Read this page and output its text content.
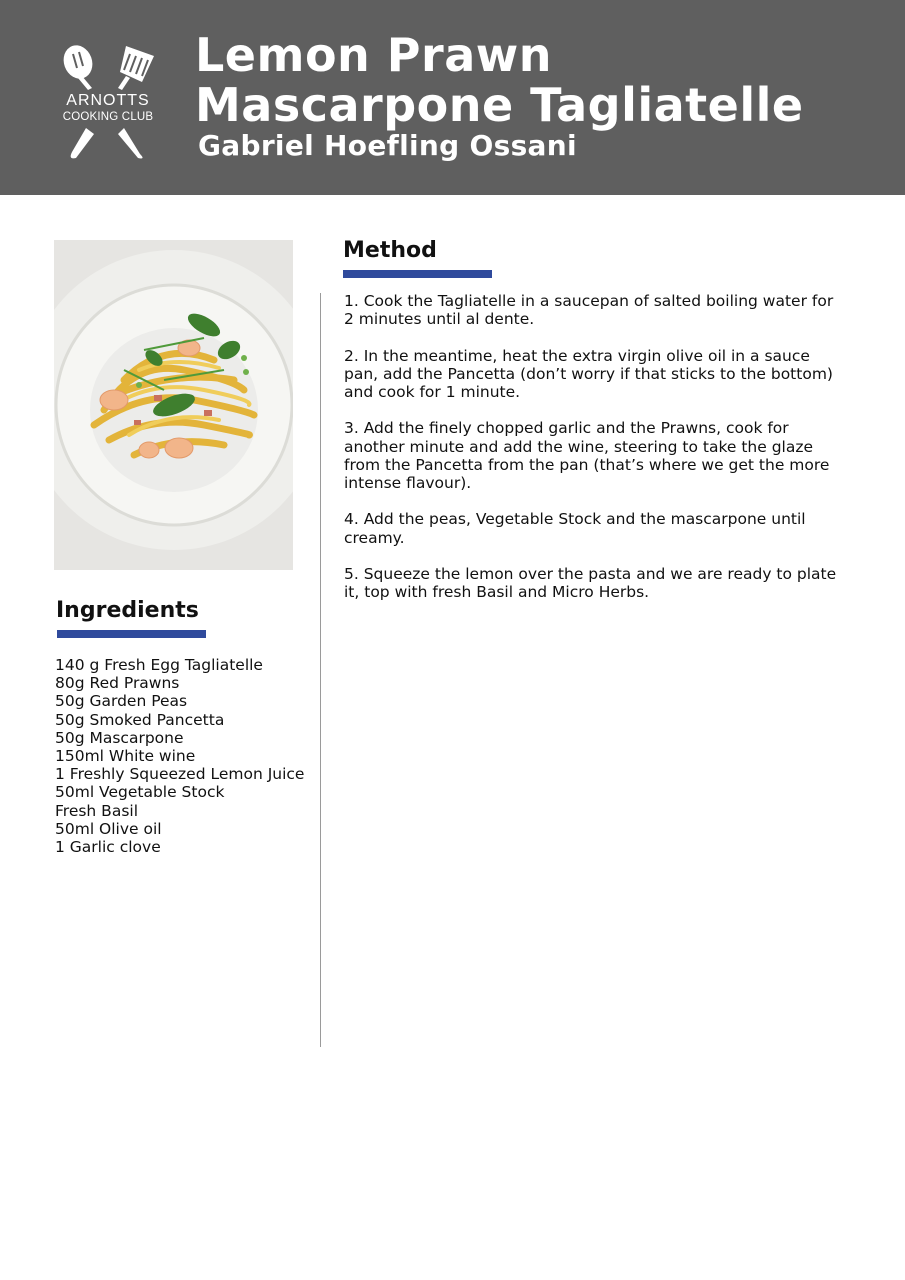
ARNOTTS
COOKING CLUB
Lemon Prawn Mascarpone Tagliatelle
Gabriel Hoefling Ossani
Ingredients
140 g Fresh Egg Tagliatelle
80g Red Prawns
50g Garden Peas
50g Smoked Pancetta
50g Mascarpone
150ml White wine
1 Freshly Squeezed Lemon Juice
50ml Vegetable Stock
Fresh Basil
50ml Olive oil
1 Garlic clove
Method

1. Cook the Tagliatelle in a saucepan of salted boiling water for 2 minutes until al dente.

2. In the meantime, heat the extra virgin olive oil in a sauce pan, add the Pancetta (don’t worry if that sticks to the bottom) and cook for 1 minute.

3. Add the finely chopped garlic and the Prawns, cook for another minute and add the wine, steering to take the glaze from the Pancetta from the pan (that’s where we get the more intense flavour).

4. Add the peas, Vegetable Stock and the mascarpone until creamy.

5. Squeeze the lemon over the pasta and we are ready to plate it, top with fresh Basil and Micro Herbs.
